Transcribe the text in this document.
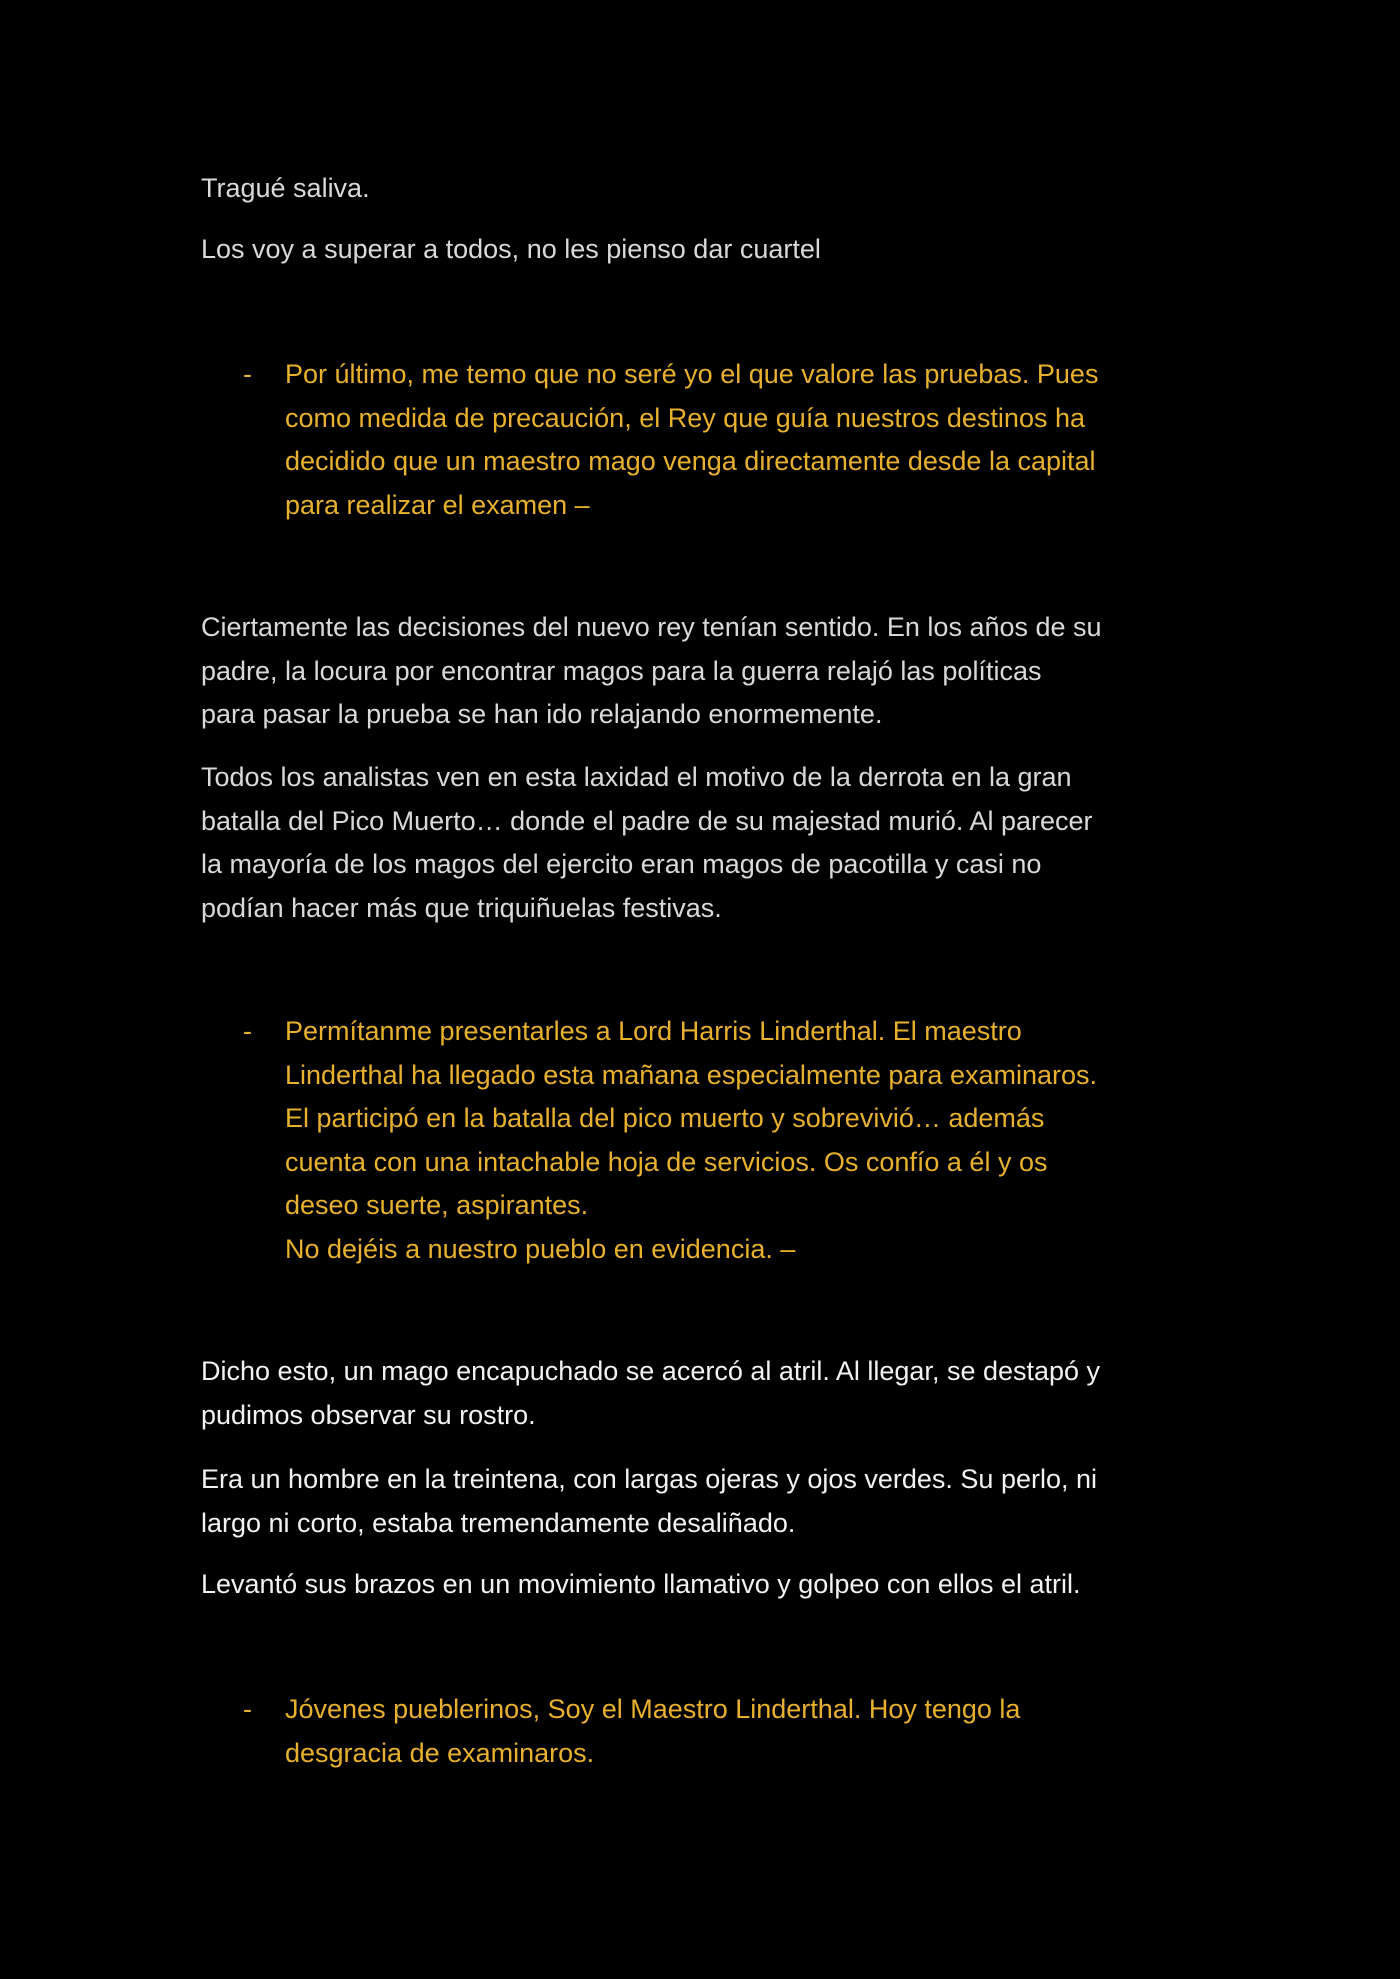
Tragué saliva.
Los voy a superar a todos, no les pienso dar cuartel
- Por último, me temo que no seré yo el que valore las pruebas. Pues
como medida de precaución, el Rey que guía nuestros destinos ha
decidido que un maestro mago venga directamente desde la capital
para realizar el examen –
Ciertamente las decisiones del nuevo rey tenían sentido. En los años de su
padre, la locura por encontrar magos para la guerra relajó las políticas
para pasar la prueba se han ido relajando enormemente.
Todos los analistas ven en esta laxidad el motivo de la derrota en la gran
batalla del Pico Muerto… donde el padre de su majestad murió. Al parecer
la mayoría de los magos del ejercito eran magos de pacotilla y casi no
podían hacer más que triquiñuelas festivas.
- Permítanme presentarles a Lord Harris Linderthal. El maestro
Linderthal ha llegado esta mañana especialmente para examinaros.
El participó en la batalla del pico muerto y sobrevivió… además
cuenta con una intachable hoja de servicios. Os confío a él y os
deseo suerte, aspirantes.
No dejéis a nuestro pueblo en evidencia. –
Dicho esto, un mago encapuchado se acercó al atril. Al llegar, se destapó y
pudimos observar su rostro.
Era un hombre en la treintena, con largas ojeras y ojos verdes. Su perlo, ni
largo ni corto, estaba tremendamente desaliñado.
Levantó sus brazos en un movimiento llamativo y golpeo con ellos el atril.
- Jóvenes pueblerinos, Soy el Maestro Linderthal. Hoy tengo la
desgracia de examinaros.
